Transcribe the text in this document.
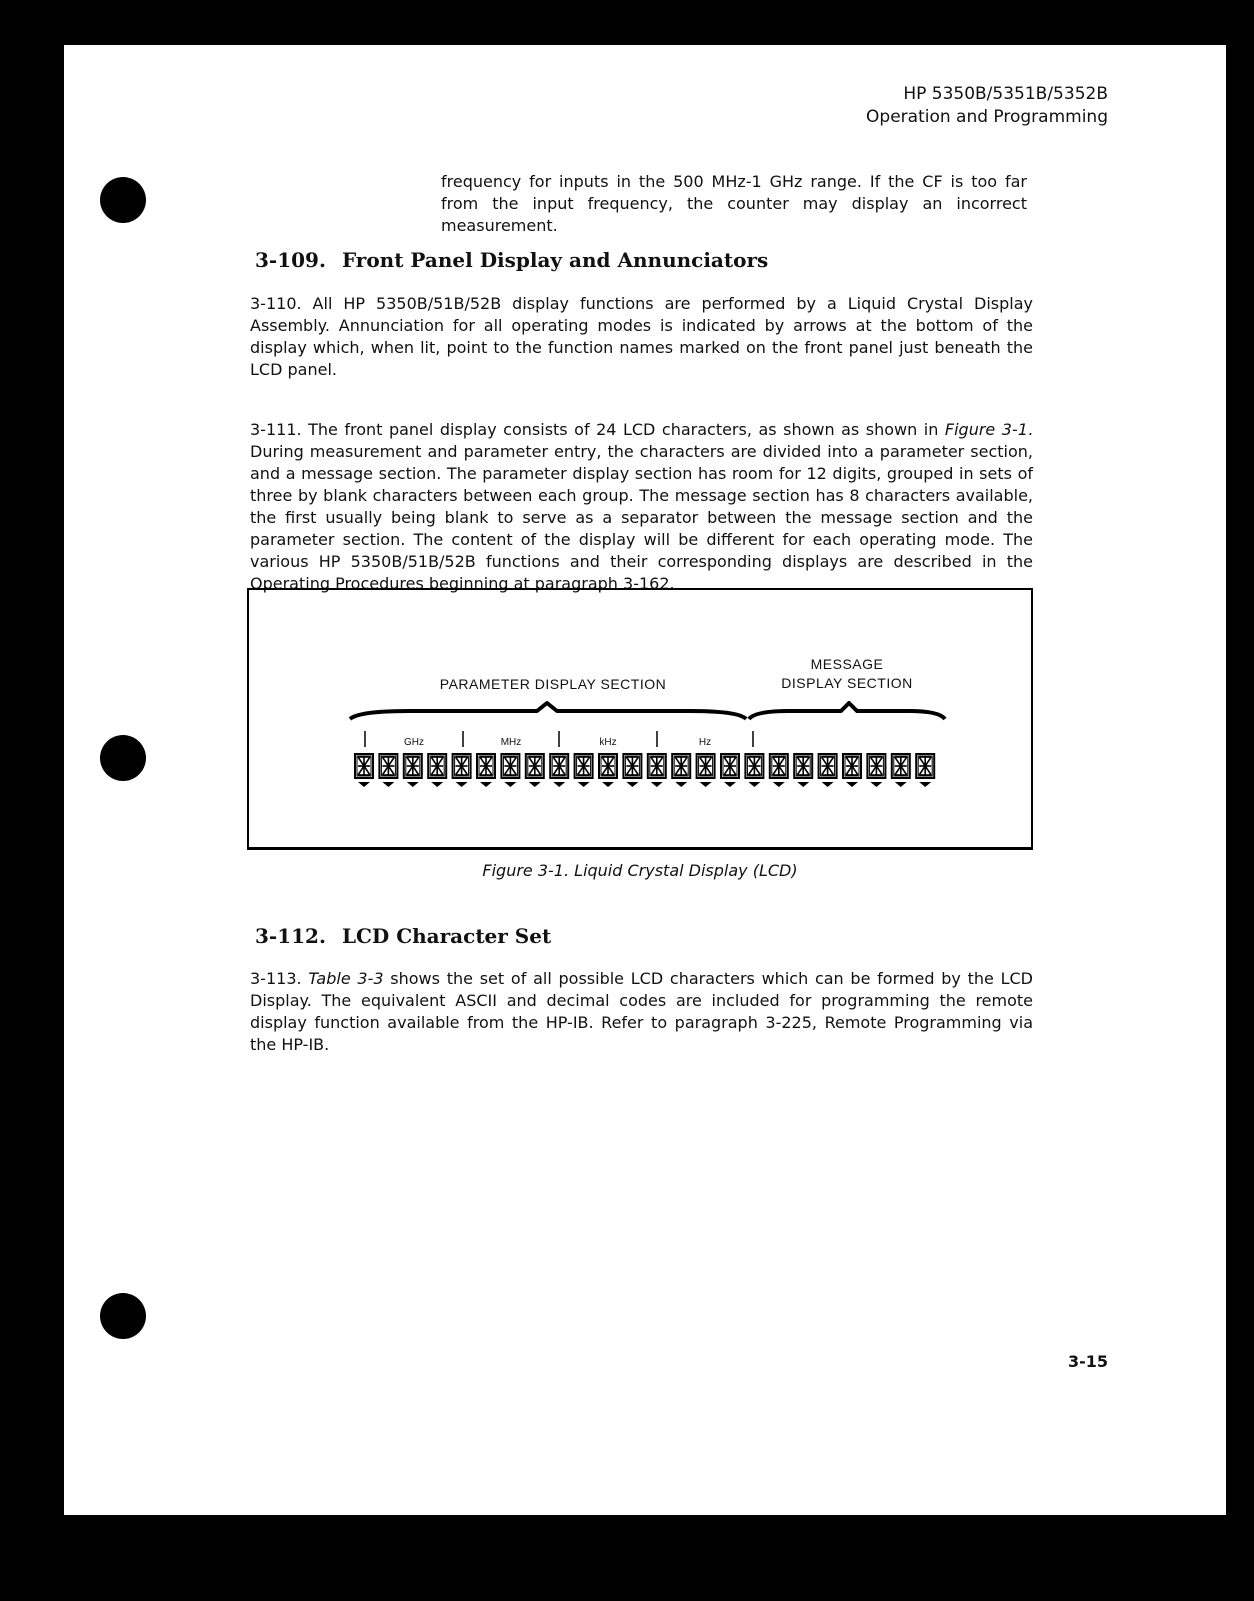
HP 5350B/5351B/5352B
Operation and Programming

frequency for inputs in the 500 MHz-1 GHz range. If the CF is too far from the input frequency, the counter may display an incorrect measurement.

3-109. Front Panel Display and Annunciators

3-110. All HP 5350B/51B/52B display functions are performed by a Liquid Crystal Display Assembly. Annunciation for all operating modes is indicated by arrows at the bottom of the display which, when lit, point to the function names marked on the front panel just beneath the LCD panel.

3-111. The front panel display consists of 24 LCD characters, as shown as shown in Figure 3-1. During measurement and parameter entry, the characters are divided into a parameter section, and a message section. The parameter display section has room for 12 digits, grouped in sets of three by blank characters between each group. The message section has 8 characters available, the first usually being blank to serve as a separator between the message section and the parameter section. The content of the display will be different for each operating mode. The various HP 5350B/51B/52B functions and their corresponding displays are described in the Operating Procedures beginning at paragraph 3-162.

PARAMETER DISPLAY SECTION
MESSAGE
DISPLAY SECTION
GHz	MHz	kHz	Hz
Figure 3-1. Liquid Crystal Display (LCD)
3-112. LCD Character Set

3-113. Table 3-3 shows the set of all possible LCD characters which can be formed by the LCD Display. The equivalent ASCII and decimal codes are included for programming the remote display function available from the HP-IB. Refer to paragraph 3-225, Remote Programming via the HP-IB.

3-15
